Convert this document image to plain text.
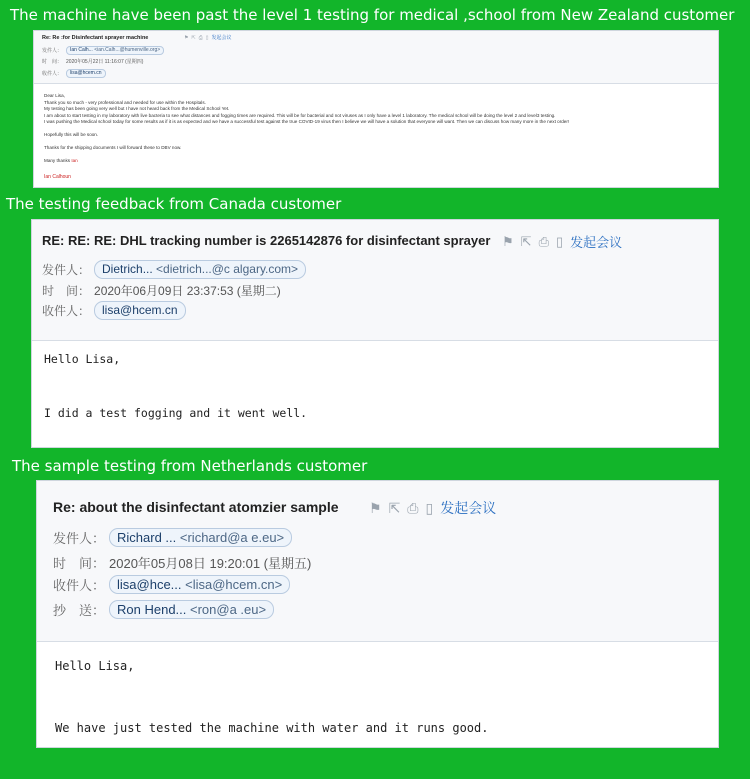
The machine have been past the level 1 testing for medical ,school from New Zealand customer
The testing feedback from Canada customer
The sample testing from Netherlands customer
Re: Re :for Disinfectant sprayer machine	⚑ ⇱ ⎙ ▯ 发起会议
发件人：	Ian Calh... <ian.Calh...@humenville.org>
时　间： 2020年05月22日 11:16:07 (星期四)
收件人：	lisa@hcem.cn
Dear Lisa,
Thank you so much - very professional and needed for use within the Hospitals.
My testing has been going very well but I have not heard back from the Medical School Yet.
I am about to start testing in my laboratory with live bacteria to see what distances and fogging times are required. This will be for bacterial and not viruses as I only have a level 1 laboratory. The medical school will be doing the level 2 and level3 testing.
I was pushing the Medical school today for some results as if it is as expected and we have a successful test against the true COVID-19 virus then I believe we will have a solution that everyone will want. Then we can discuss how many more in the next order!
Hopefully this will be soon.
Thanks for the shipping documents I will forward these to DBV now.
Many thanks Ian
Ian Calhoun
RE: RE: RE: DHL tracking number is 2265142876 for disinfectant sprayer ⚑ ⇱ ⎙ ▯ 发起会议
发件人：	Dietrich... <dietrich...@c algary.com>
时　间： 2020年06月09日 23:37:53 (星期二)
收件人：	lisa@hcem.cn
Hello Lisa,
I did a test fogging and it went well.
Re: about the disinfectant atomzier sample ⚑ ⇱ ⎙ ▯ 发起会议
发件人： Richard ... <richard@a e.eu>
时　间： 2020年05月08日 19:20:01 (星期五)
收件人： lisa@hce... <lisa@hcem.cn>
抄　送： Ron Hend... <ron@a .eu>
Hello Lisa,
We have just tested the machine with water and it runs good.
